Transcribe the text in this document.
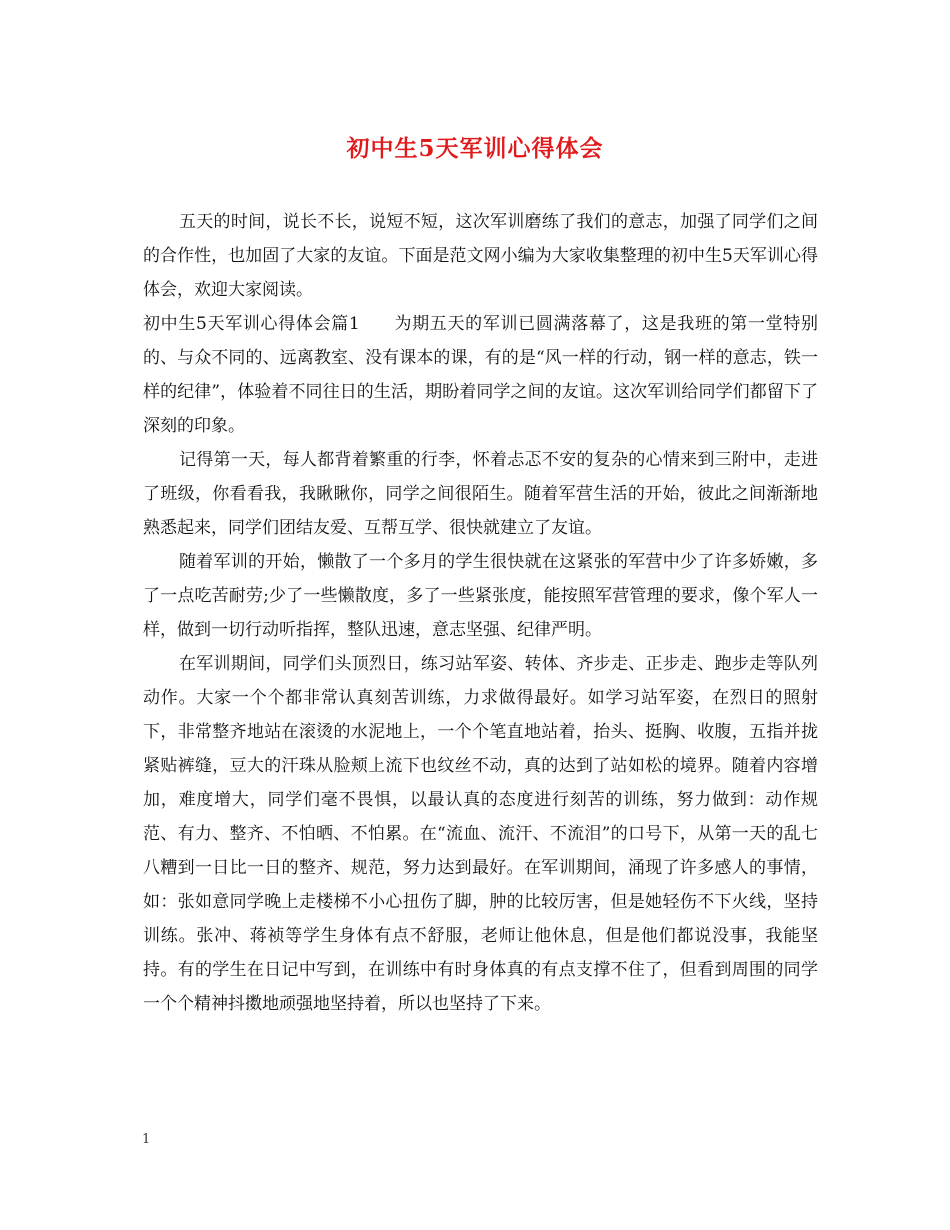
初中生5天军训心得体会

五天的时间，说长不长，说短不短，这次军训磨练了我们的意志，加强了同学们之间的合作性，也加固了大家的友谊。下面是范文网小编为大家收集整理的初中生5天军训心得体会，欢迎大家阅读。

初中生5天军训心得体会篇1 为期五天的军训已圆满落幕了，这是我班的第一堂特别的、与众不同的、远离教室、没有课本的课，有的是“风一样的行动，钢一样的意志，铁一样的纪律”，体验着不同往日的生活，期盼着同学之间的友谊。这次军训给同学们都留下了深刻的印象。

记得第一天，每人都背着繁重的行李，怀着忐忑不安的复杂的心情来到三附中，走进了班级，你看看我，我瞅瞅你，同学之间很陌生。随着军营生活的开始，彼此之间渐渐地熟悉起来，同学们团结友爱、互帮互学、很快就建立了友谊。

随着军训的开始，懒散了一个多月的学生很快就在这紧张的军营中少了许多娇嫩，多了一点吃苦耐劳;少了一些懒散度，多了一些紧张度，能按照军营管理的要求，像个军人一样，做到一切行动听指挥，整队迅速，意志坚强、纪律严明。

在军训期间，同学们头顶烈日，练习站军姿、转体、齐步走、正步走、跑步走等队列动作。大家一个个都非常认真刻苦训练，力求做得最好。如学习站军姿，在烈日的照射下，非常整齐地站在滚烫的水泥地上，一个个笔直地站着，抬头、挺胸、收腹，五指并拢紧贴裤缝，豆大的汗珠从脸颊上流下也纹丝不动，真的达到了站如松的境界。随着内容增加，难度增大，同学们毫不畏惧，以最认真的态度进行刻苦的训练，努力做到：动作规范、有力、整齐、不怕晒、不怕累。在“流血、流汗、不流泪”的口号下，从第一天的乱七八糟到一日比一日的整齐、规范，努力达到最好。在军训期间，涌现了许多感人的事情，如：张如意同学晚上走楼梯不小心扭伤了脚，肿的比较厉害，但是她轻伤不下火线，坚持训练。张冲、蒋祯等学生身体有点不舒服，老师让他休息，但是他们都说没事，我能坚持。有的学生在日记中写到，在训练中有时身体真的有点支撑不住了，但看到周围的同学一个个精神抖擞地顽强地坚持着，所以也坚持了下来。

1
